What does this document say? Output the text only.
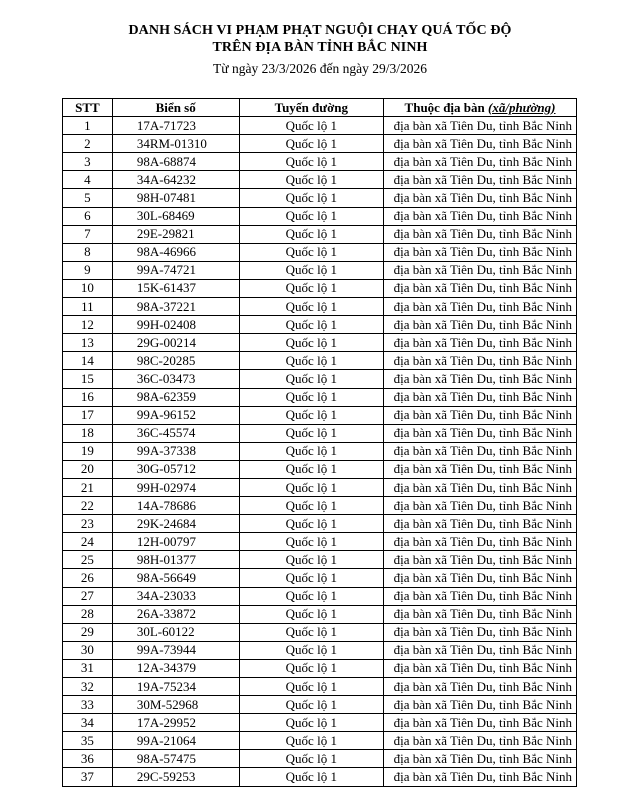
DANH SÁCH VI PHẠM PHẠT NGUỘI CHẠY QUÁ TỐC ĐỘ
TRÊN ĐỊA BÀN TỈNH BẮC NINH
Từ ngày 23/3/2026 đến ngày 29/3/2026
STT	Biển số	Tuyến đường	Thuộc địa bàn (xã/phường)
1	17A-71723	Quốc lộ 1	địa bàn xã Tiên Du, tỉnh Bắc Ninh
2	34RM-01310	Quốc lộ 1	địa bàn xã Tiên Du, tỉnh Bắc Ninh
3	98A-68874	Quốc lộ 1	địa bàn xã Tiên Du, tỉnh Bắc Ninh
4	34A-64232	Quốc lộ 1	địa bàn xã Tiên Du, tỉnh Bắc Ninh
5	98H-07481	Quốc lộ 1	địa bàn xã Tiên Du, tỉnh Bắc Ninh
6	30L-68469	Quốc lộ 1	địa bàn xã Tiên Du, tỉnh Bắc Ninh
7	29E-29821	Quốc lộ 1	địa bàn xã Tiên Du, tỉnh Bắc Ninh
8	98A-46966	Quốc lộ 1	địa bàn xã Tiên Du, tỉnh Bắc Ninh
9	99A-74721	Quốc lộ 1	địa bàn xã Tiên Du, tỉnh Bắc Ninh
10	15K-61437	Quốc lộ 1	địa bàn xã Tiên Du, tỉnh Bắc Ninh
11	98A-37221	Quốc lộ 1	địa bàn xã Tiên Du, tỉnh Bắc Ninh
12	99H-02408	Quốc lộ 1	địa bàn xã Tiên Du, tỉnh Bắc Ninh
13	29G-00214	Quốc lộ 1	địa bàn xã Tiên Du, tỉnh Bắc Ninh
14	98C-20285	Quốc lộ 1	địa bàn xã Tiên Du, tỉnh Bắc Ninh
15	36C-03473	Quốc lộ 1	địa bàn xã Tiên Du, tỉnh Bắc Ninh
16	98A-62359	Quốc lộ 1	địa bàn xã Tiên Du, tỉnh Bắc Ninh
17	99A-96152	Quốc lộ 1	địa bàn xã Tiên Du, tỉnh Bắc Ninh
18	36C-45574	Quốc lộ 1	địa bàn xã Tiên Du, tỉnh Bắc Ninh
19	99A-37338	Quốc lộ 1	địa bàn xã Tiên Du, tỉnh Bắc Ninh
20	30G-05712	Quốc lộ 1	địa bàn xã Tiên Du, tỉnh Bắc Ninh
21	99H-02974	Quốc lộ 1	địa bàn xã Tiên Du, tỉnh Bắc Ninh
22	14A-78686	Quốc lộ 1	địa bàn xã Tiên Du, tỉnh Bắc Ninh
23	29K-24684	Quốc lộ 1	địa bàn xã Tiên Du, tỉnh Bắc Ninh
24	12H-00797	Quốc lộ 1	địa bàn xã Tiên Du, tỉnh Bắc Ninh
25	98H-01377	Quốc lộ 1	địa bàn xã Tiên Du, tỉnh Bắc Ninh
26	98A-56649	Quốc lộ 1	địa bàn xã Tiên Du, tỉnh Bắc Ninh
27	34A-23033	Quốc lộ 1	địa bàn xã Tiên Du, tỉnh Bắc Ninh
28	26A-33872	Quốc lộ 1	địa bàn xã Tiên Du, tỉnh Bắc Ninh
29	30L-60122	Quốc lộ 1	địa bàn xã Tiên Du, tỉnh Bắc Ninh
30	99A-73944	Quốc lộ 1	địa bàn xã Tiên Du, tỉnh Bắc Ninh
31	12A-34379	Quốc lộ 1	địa bàn xã Tiên Du, tỉnh Bắc Ninh
32	19A-75234	Quốc lộ 1	địa bàn xã Tiên Du, tỉnh Bắc Ninh
33	30M-52968	Quốc lộ 1	địa bàn xã Tiên Du, tỉnh Bắc Ninh
34	17A-29952	Quốc lộ 1	địa bàn xã Tiên Du, tỉnh Bắc Ninh
35	99A-21064	Quốc lộ 1	địa bàn xã Tiên Du, tỉnh Bắc Ninh
36	98A-57475	Quốc lộ 1	địa bàn xã Tiên Du, tỉnh Bắc Ninh
37	29C-59253	Quốc lộ 1	địa bàn xã Tiên Du, tỉnh Bắc Ninh
